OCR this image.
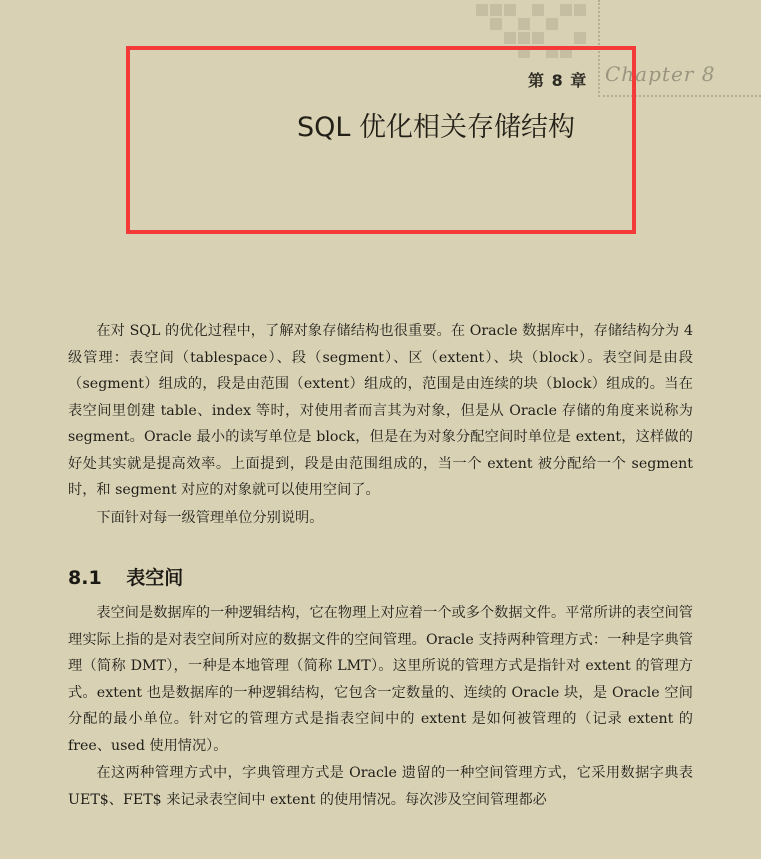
第 8 章 Chapter 8
SQL 优化相关存储结构

在对 SQL 的优化过程中，了解对象存储结构也很重要。在 Oracle 数据库中，存储结构分为 4 级管理：表空间（tablespace）、段（segment）、区（extent）、块（block）。表空间是由段（segment）组成的，段是由范围（extent）组成的，范围是由连续的块（block）组成的。当在表空间里创建 table、index 等时，对使用者而言其为对象，但是从 Oracle 存储的角度来说称为 segment。Oracle 最小的读写单位是 block，但是在为对象分配空间时单位是 extent，这样做的好处其实就是提高效率。上面提到，段是由范围组成的，当一个 extent 被分配给一个 segment 时，和 segment 对应的对象就可以使用空间了。

下面针对每一级管理单位分别说明。

8.1 表空间

表空间是数据库的一种逻辑结构，它在物理上对应着一个或多个数据文件。平常所讲的表空间管理实际上指的是对表空间所对应的数据文件的空间管理。Oracle 支持两种管理方式：一种是字典管理（简称 DMT），一种是本地管理（简称 LMT）。这里所说的管理方式是指针对 extent 的管理方式。extent 也是数据库的一种逻辑结构，它包含一定数量的、连续的 Oracle 块，是 Oracle 空间分配的最小单位。针对它的管理方式是指表空间中的 extent 是如何被管理的（记录 extent 的 free、used 使用情况）。

在这两种管理方式中，字典管理方式是 Oracle 遗留的一种空间管理方式，它采用数据字典表 UET$、FET$ 来记录表空间中 extent 的使用情况。每次涉及空间管理都必
